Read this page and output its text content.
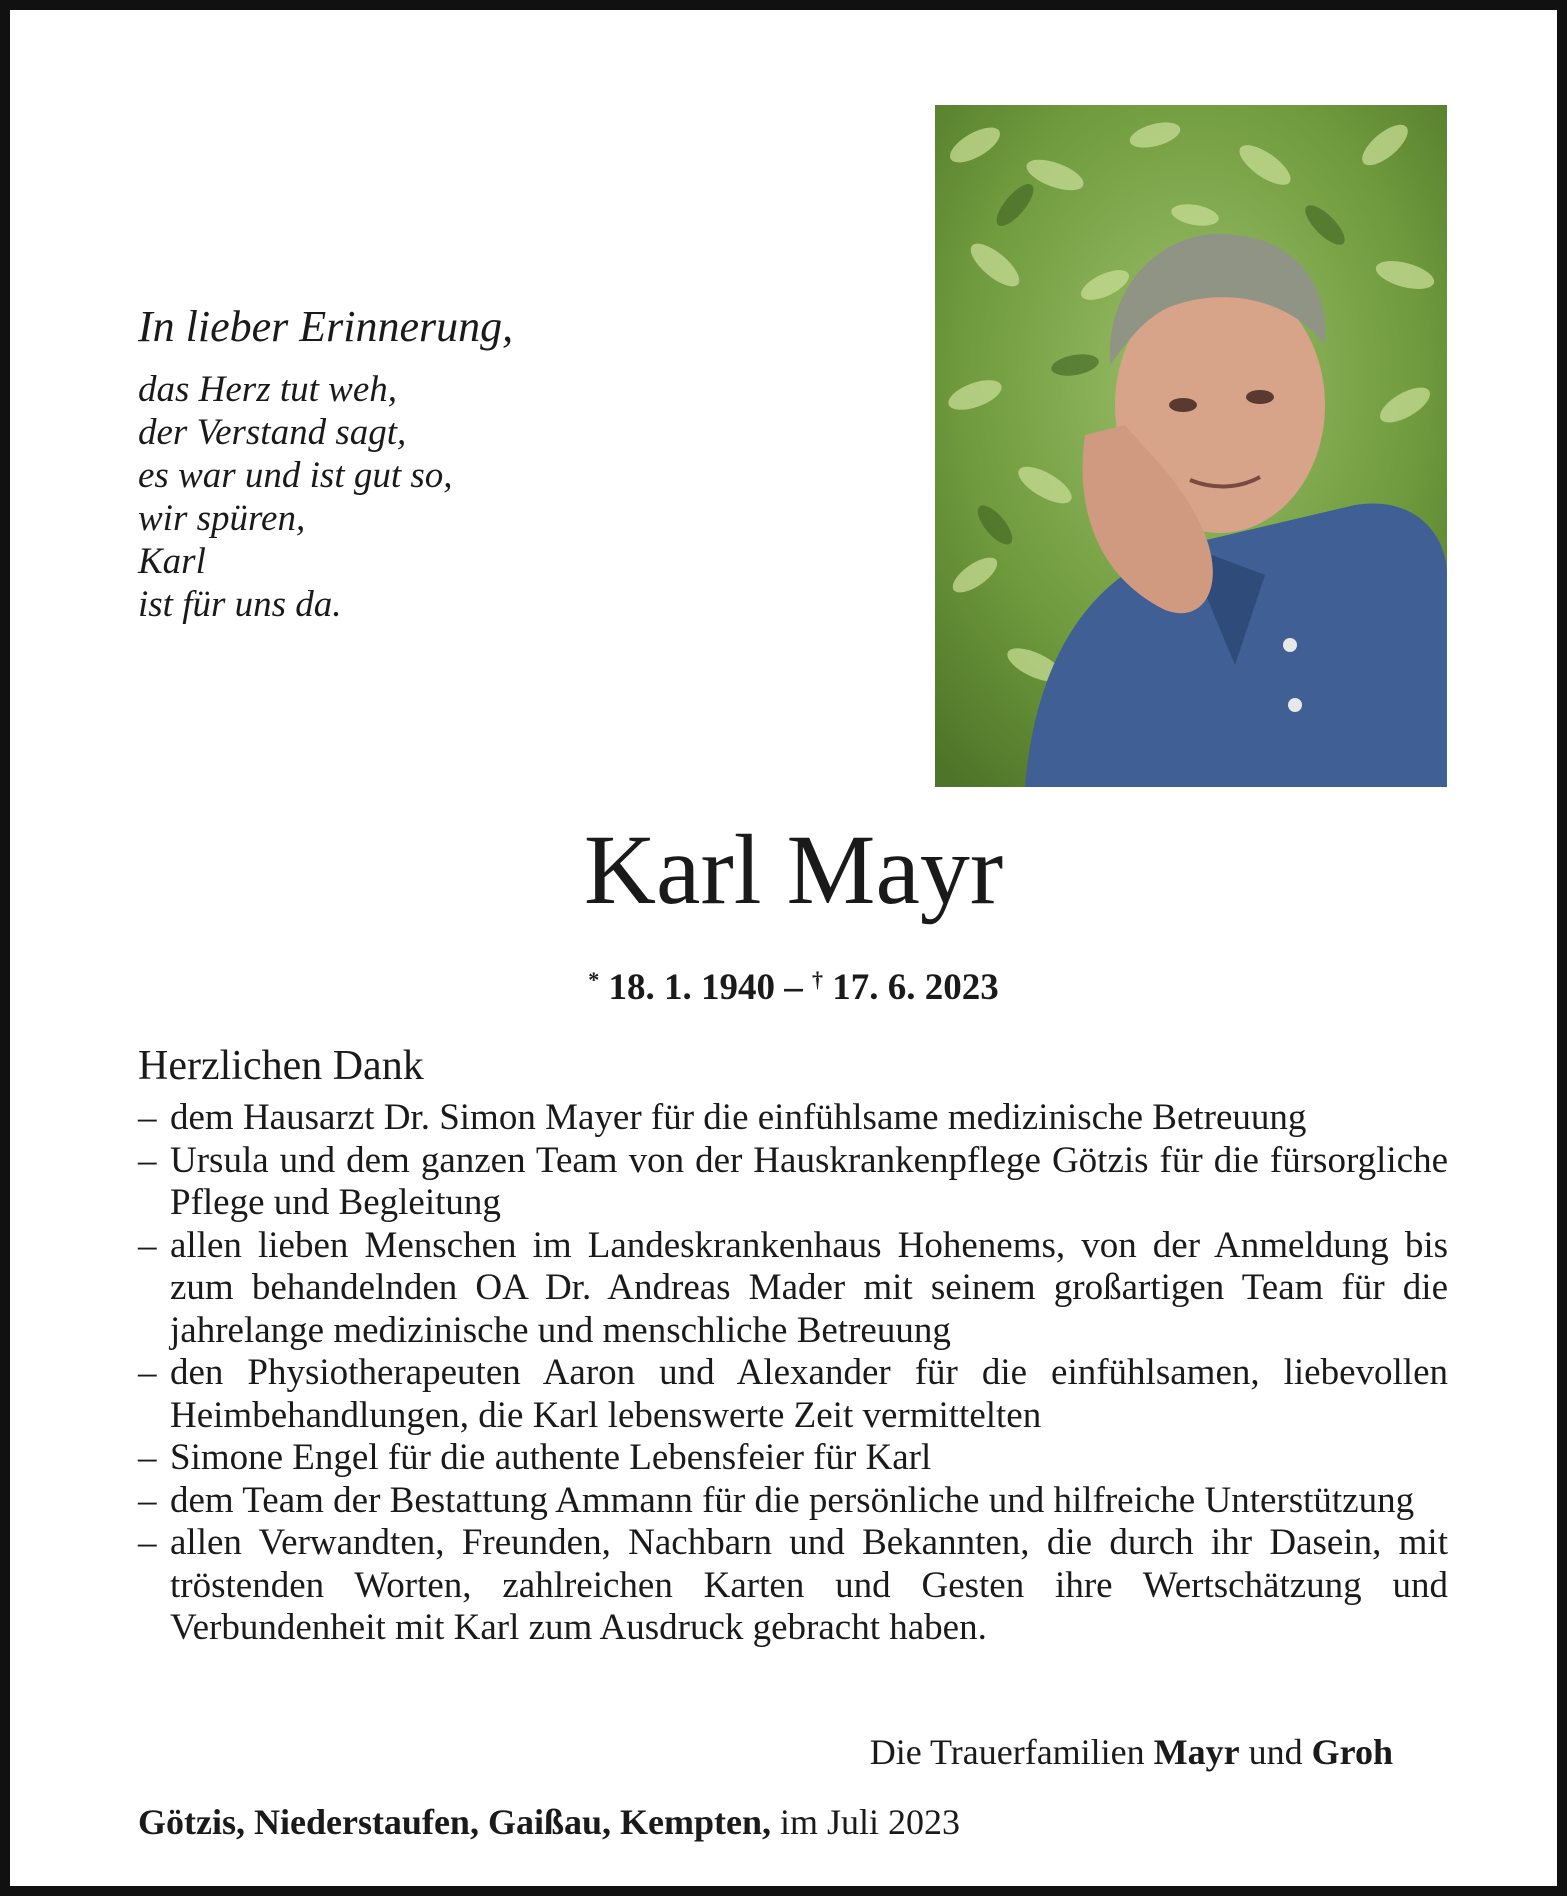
In lieber Erinnerung,
das Herz tut weh,
der Verstand sagt,
es war und ist gut so,
wir spüren,
Karl
ist für uns da.
Karl Mayr
* 18. 1. 1940 – † 17. 6. 2023
Herzlichen Dank
– dem Hausarzt Dr. Simon Mayer für die einfühlsame medizinische Betreuung
– Ursula und dem ganzen Team von der Hauskrankenpflege Götzis für die fürsorgliche Pflege und Begleitung
– allen lieben Menschen im Landeskrankenhaus Hohenems, von der Anmeldung bis zum behandelnden OA Dr. Andreas Mader mit seinem großartigen Team für die jahrelange medizinische und menschliche Betreuung
– den Physiotherapeuten Aaron und Alexander für die einfühlsamen, liebevollen Heimbehandlungen, die Karl lebenswerte Zeit vermittelten
– Simone Engel für die authente Lebensfeier für Karl
– dem Team der Bestattung Ammann für die persönliche und hilfreiche Unterstützung
– allen Verwandten, Freunden, Nachbarn und Bekannten, die durch ihr Dasein, mit tröstenden Worten, zahlreichen Karten und Gesten ihre Wertschätzung und Verbundenheit mit Karl zum Ausdruck gebracht haben.
Die Trauerfamilien Mayr und Groh
Götzis, Niederstaufen, Gaißau, Kempten, im Juli 2023
